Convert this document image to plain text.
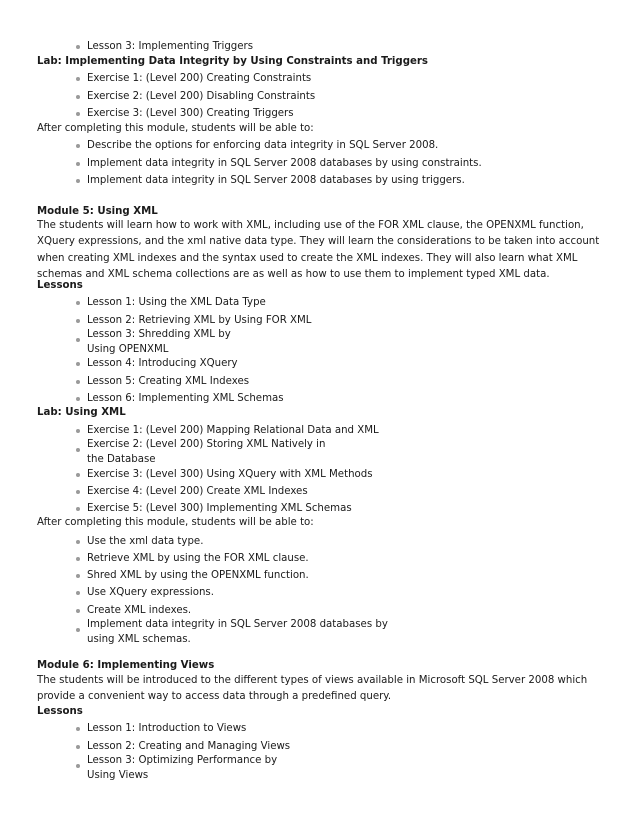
Lesson 3: Implementing Triggers
Lab: Implementing Data Integrity by Using Constraints and Triggers
Exercise 1: (Level 200) Creating Constraints
Exercise 2: (Level 200) Disabling Constraints
Exercise 3: (Level 300) Creating Triggers
After completing this module, students will be able to:
Describe the options for enforcing data integrity in SQL Server 2008.
Implement data integrity in SQL Server 2008 databases by using constraints.
Implement data integrity in SQL Server 2008 databases by using triggers.
Module 5: Using XML
The students will learn how to work with XML, including use of the FOR XML clause, the OPENXML function, XQuery expressions, and the xml native data type. They will learn the considerations to be taken into account when creating XML indexes and the syntax used to create the XML indexes. They will also learn what XML schemas and XML schema collections are as well as how to use them to implement typed XML data.
Lessons
Lesson 1: Using the XML Data Type
Lesson 2: Retrieving XML by Using FOR XML
Lesson 3: Shredding XML by Using OPENXML
Lesson 4: Introducing XQuery
Lesson 5: Creating XML Indexes
Lesson 6: Implementing XML Schemas
Lab: Using XML
Exercise 1: (Level 200) Mapping Relational Data and XML
Exercise 2: (Level 200) Storing XML Natively in the Database
Exercise 3: (Level 300) Using XQuery with XML Methods
Exercise 4: (Level 200) Create XML Indexes
Exercise 5: (Level 300) Implementing XML Schemas
After completing this module, students will be able to:
Use the xml data type.
Retrieve XML by using the FOR XML clause.
Shred XML by using the OPENXML function.
Use XQuery expressions.
Create XML indexes.
Implement data integrity in SQL Server 2008 databases by using XML schemas.
Module 6: Implementing Views
The students will be introduced to the different types of views available in Microsoft SQL Server 2008 which provide a convenient way to access data through a predefined query.
Lessons
Lesson 1: Introduction to Views
Lesson 2: Creating and Managing Views
Lesson 3: Optimizing Performance by Using Views
